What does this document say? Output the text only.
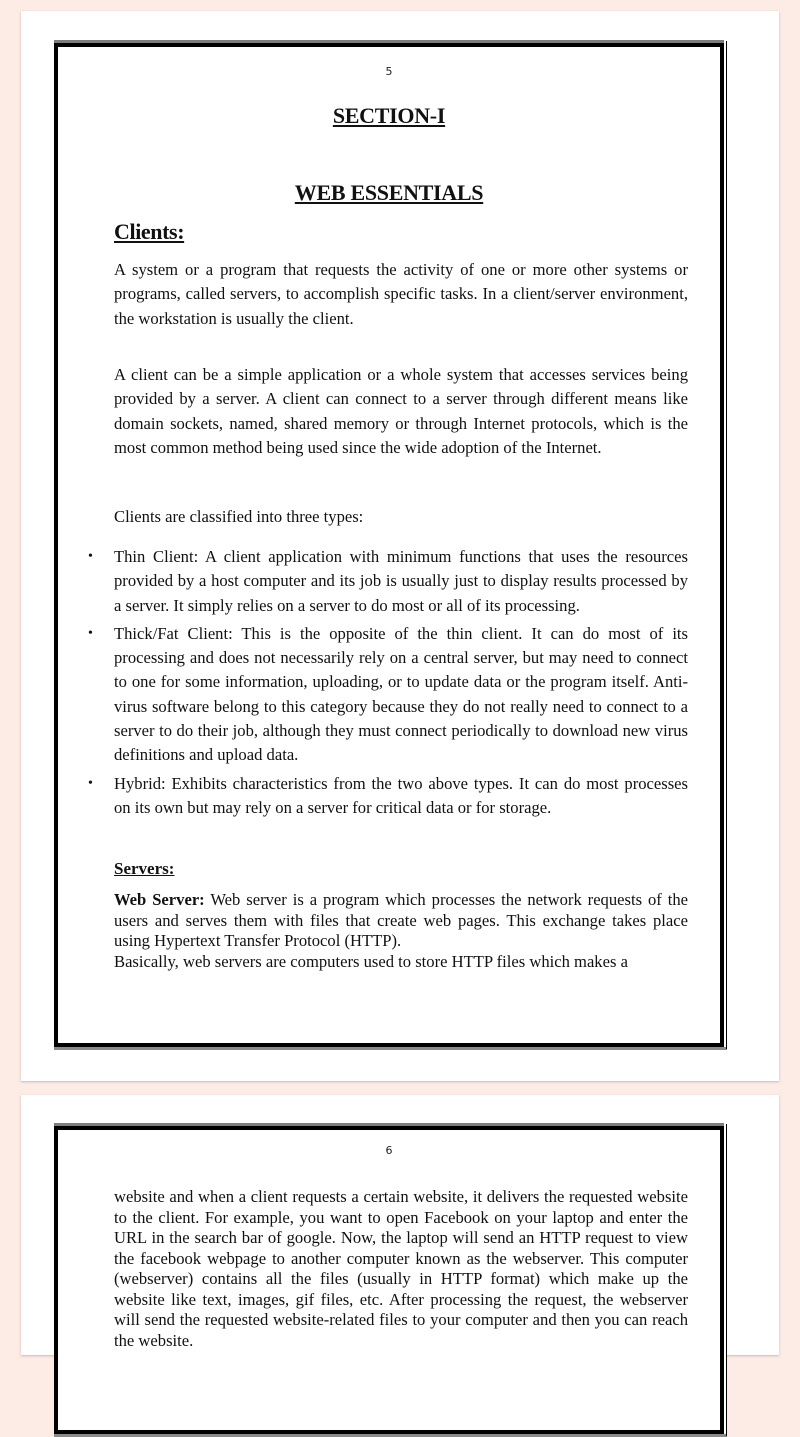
5
SECTION-I
WEB ESSENTIALS
Clients:

A system or a program that requests the activity of one or more other systems or programs, called servers, to accomplish specific tasks. In a client/server environment, the workstation is usually the client.

A client can be a simple application or a whole system that accesses services being provided by a server. A client can connect to a server through different means like domain sockets, named, shared memory or through Internet protocols, which is the most common method being used since the wide adoption of the Internet.

Clients are classified into three types:

• Thin Client: A client application with minimum functions that uses the resources provided by a host computer and its job is usually just to display results processed by a server. It simply relies on a server to do most or all of its processing.

• Thick/Fat Client: This is the opposite of the thin client. It can do most of its processing and does not necessarily rely on a central server, but may need to connect to one for some information, uploading, or to update data or the program itself. Anti-virus software belong to this category because they do not really need to connect to a server to do their job, although they must connect periodically to download new virus definitions and upload data.

• Hybrid: Exhibits characteristics from the two above types. It can do most processes on its own but may rely on a server for critical data or for storage.

Servers:

Web Server: Web server is a program which processes the network requests of the users and serves them with files that create web pages. This exchange takes place using Hypertext Transfer Protocol (HTTP).

Basically, web servers are computers used to store HTTP files which makes a

6

website and when a client requests a certain website, it delivers the requested website to the client. For example, you want to open Facebook on your laptop and enter the URL in the search bar of google. Now, the laptop will send an HTTP request to view the facebook webpage to another computer known as the webserver. This computer (webserver) contains all the files (usually in HTTP format) which make up the website like text, images, gif files, etc. After processing the request, the webserver will send the requested website-related files to your computer and then you can reach the website.
